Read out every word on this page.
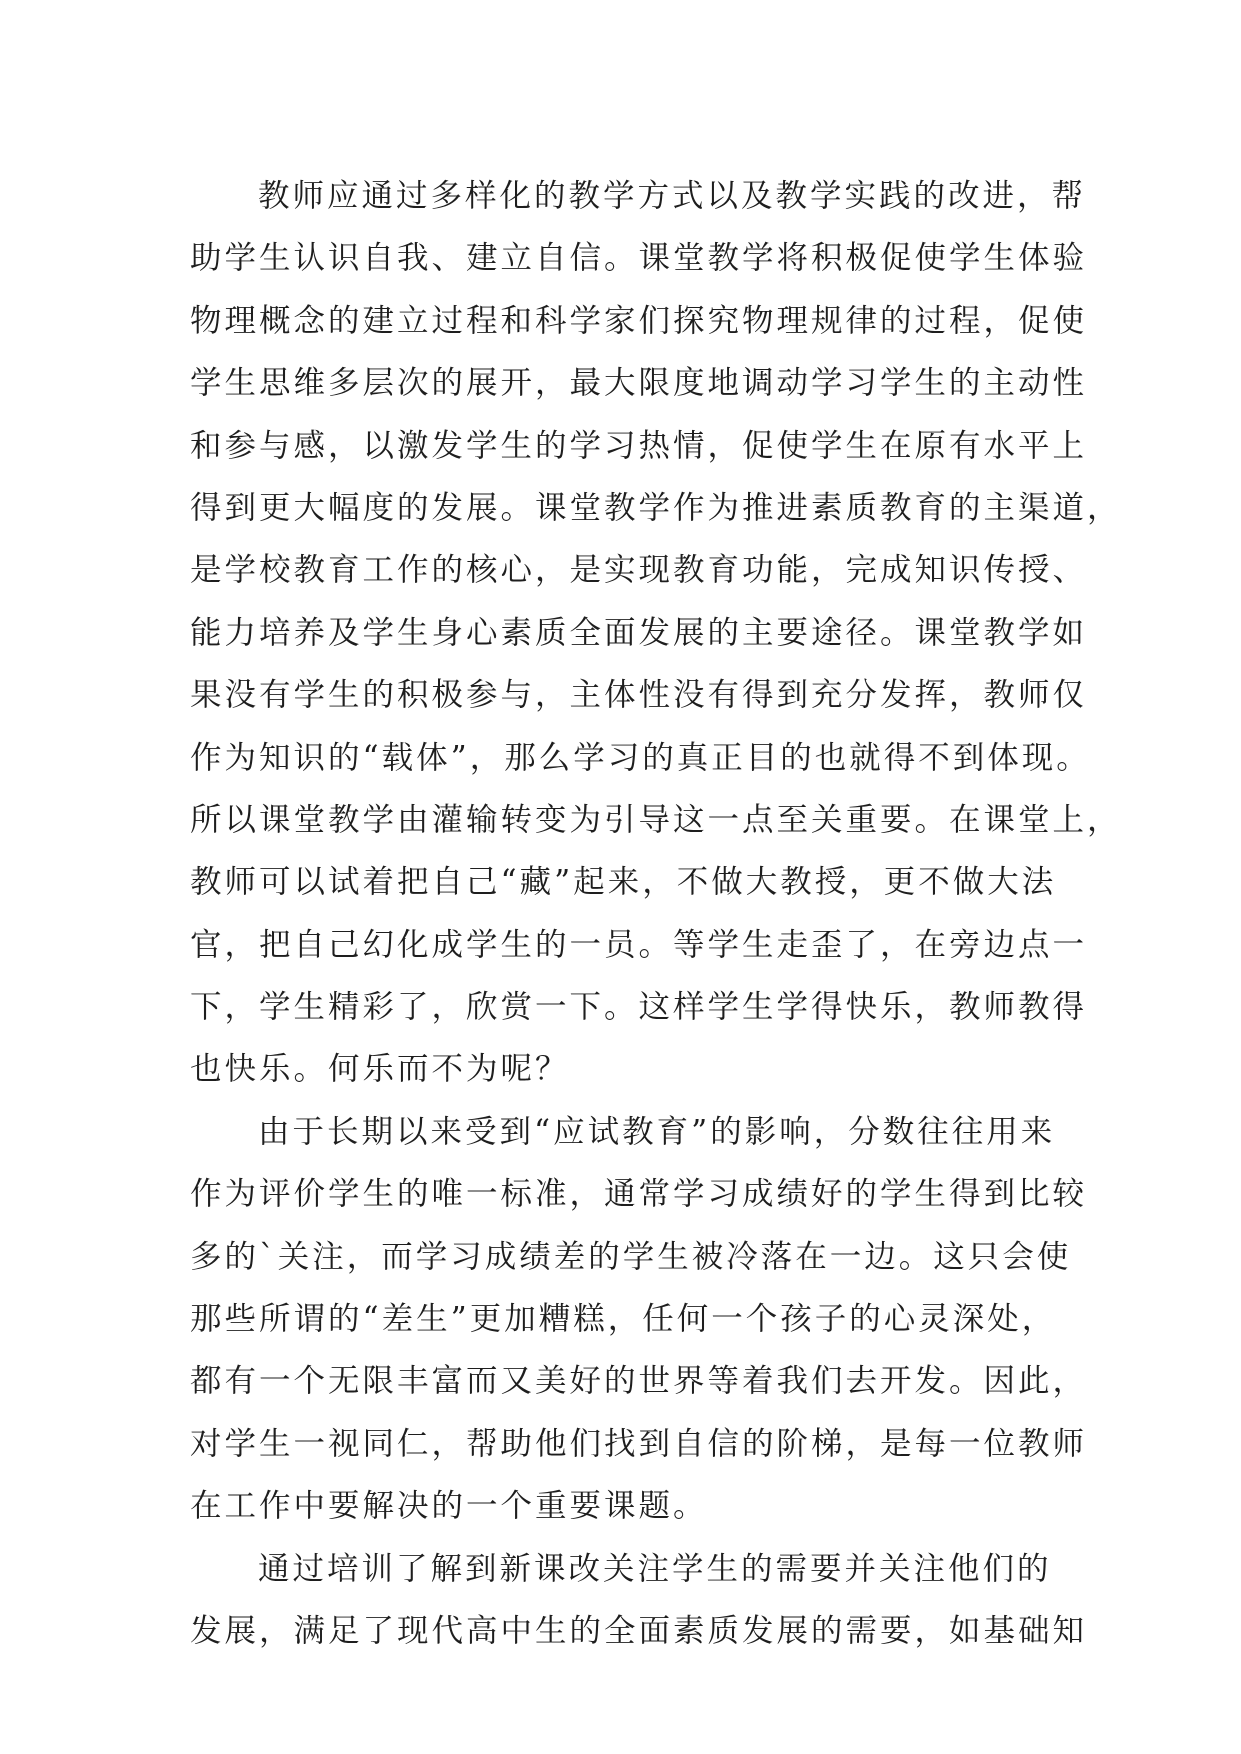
教师应通过多样化的教学方式以及教学实践的改进，帮
助学生认识自我、建立自信。课堂教学将积极促使学生体验
物理概念的建立过程和科学家们探究物理规律的过程，促使
学生思维多层次的展开，最大限度地调动学习学生的主动性
和参与感，以激发学生的学习热情，促使学生在原有水平上
得到更大幅度的发展。课堂教学作为推进素质教育的主渠道，
是学校教育工作的核心，是实现教育功能，完成知识传授、
能力培养及学生身心素质全面发展的主要途径。课堂教学如
果没有学生的积极参与，主体性没有得到充分发挥，教师仅
作为知识的“载体”，那么学习的真正目的也就得不到体现。
所以课堂教学由灌输转变为引导这一点至关重要。在课堂上，
教师可以试着把自己“藏”起来，不做大教授，更不做大法
官，把自己幻化成学生的一员。等学生走歪了，在旁边点一
下，学生精彩了，欣赏一下。这样学生学得快乐，教师教得
也快乐。何乐而不为呢？
由于长期以来受到“应试教育”的影响，分数往往用来
作为评价学生的唯一标准，通常学习成绩好的学生得到比较
多的`关注，而学习成绩差的学生被冷落在一边。这只会使
那些所谓的“差生”更加糟糕，任何一个孩子的心灵深处，
都有一个无限丰富而又美好的世界等着我们去开发。因此，
对学生一视同仁，帮助他们找到自信的阶梯，是每一位教师
在工作中要解决的一个重要课题。
通过培训了解到新课改关注学生的需要并关注他们的
发展，满足了现代高中生的全面素质发展的需要，如基础知
